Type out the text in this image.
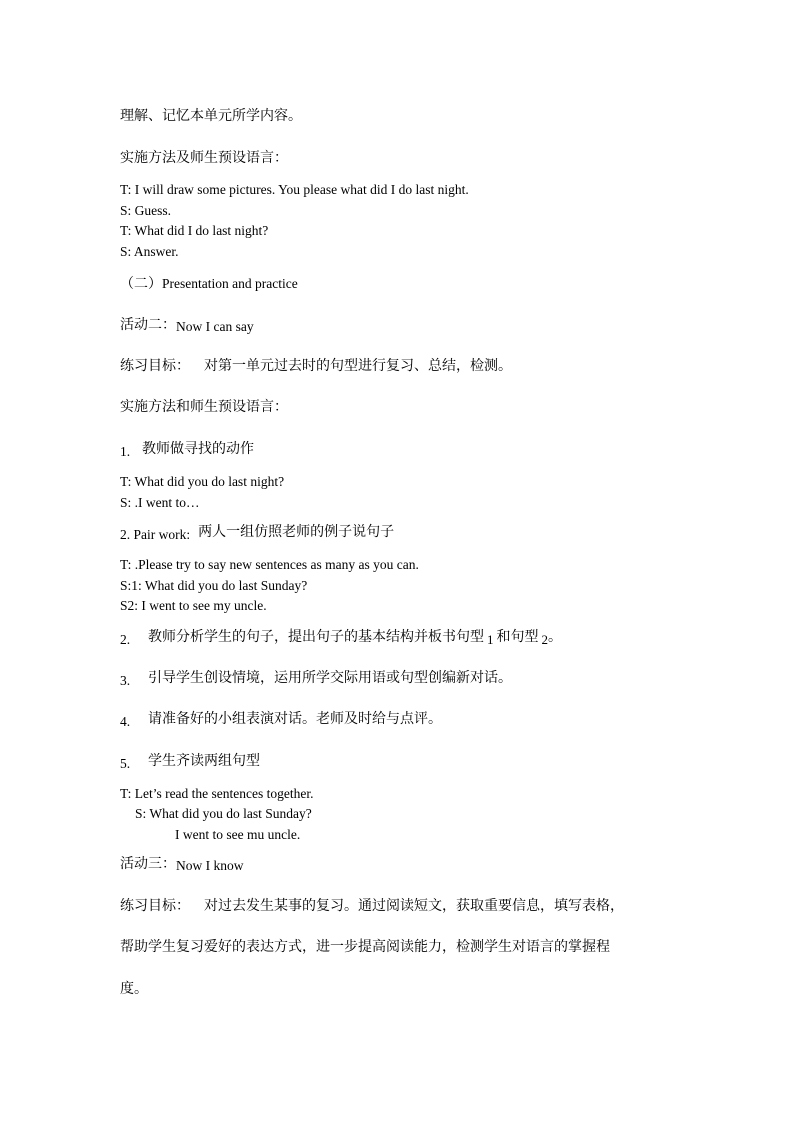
理解、记忆本单元所学内容。
实施方法及师生预设语言：
T: I will draw some pictures. You please what did I do last night.
S: Guess.
T: What did I do last night?
S: Answer.
（二）Presentation and practice
活动二：Now I can say
练习目标： 对第一单元过去时的句型进行复习、总结，检测。
实施方法和师生预设语言：
1. 教师做寻找的动作
T: What did you do last night?
S: .I went to…
2. Pair work: 两人一组仿照老师的例子说句子
T: .Please try to say new sentences as many as you can.
S:1: What did you do last Sunday?
S2: I went to see my uncle.
2. 教师分析学生的句子，提出句子的基本结构并板书句型 1 和句型 2。
3. 引导学生创设情境，运用所学交际用语或句型创编新对话。
4. 请准备好的小组表演对话。老师及时给与点评。
5. 学生齐读两组句型
T: Let’s read the sentences together.
S: What did you do last Sunday?
I went to see mu uncle.
活动三：Now I know
练习目标： 对过去发生某事的复习。通过阅读短文，获取重要信息，填写表格，
帮助学生复习爱好的表达方式，进一步提高阅读能力，检测学生对语言的掌握程
度。
